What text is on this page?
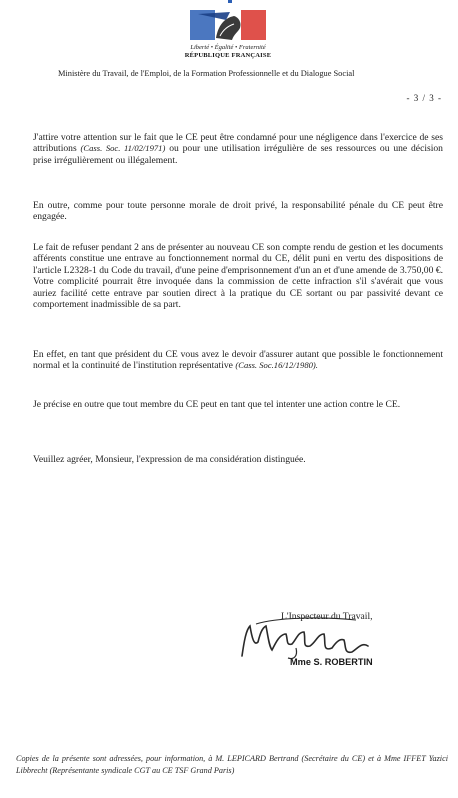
Liberté • Égalité • Fraternité
RÉPUBLIQUE FRANÇAISE
Ministère du Travail, de l'Emploi, de la Formation Professionnelle et du Dialogue Social
- 3 / 3 -
J'attire votre attention sur le fait que le CE peut être condamné pour une négligence dans l'exercice de ses attributions (Cass. Soc. 11/02/1971) ou pour une utilisation irrégulière de ses ressources ou une décision prise irrégulièrement ou illégalement.
En outre, comme pour toute personne morale de droit privé, la responsabilité pénale du CE peut être engagée.
Le fait de refuser pendant 2 ans de présenter au nouveau CE son compte rendu de gestion et les documents afférents constitue une entrave au fonctionnement normal du CE, délit puni en vertu des dispositions de l'article L2328-1 du Code du travail, d'une peine d'emprisonnement d'un an et d'une amende de 3.750,00 €. Votre complicité pourrait être invoquée dans la commission de cette infraction s'il s'avérait que vous auriez facilité cette entrave par soutien direct à la pratique du CE sortant ou par passivité devant ce comportement inadmissible de sa part.
En effet, en tant que président du CE vous avez le devoir d'assurer autant que possible le fonctionnement normal et la continuité de l'institution représentative (Cass. Soc.16/12/1980).
Je précise en outre que tout membre du CE peut en tant que tel intenter une action contre le CE.
Veuillez agréer, Monsieur, l'expression de ma considération distinguée.
L'Inspecteur du Travail,
Mme S. ROBERTIN
Copies de la présente sont adressées, pour information, à M. LEPICARD Bertrand (Secrétaire du CE) et à Mme IFFET Yazici Libbrecht (Représentante syndicale CGT au CE TSF Grand Paris)
